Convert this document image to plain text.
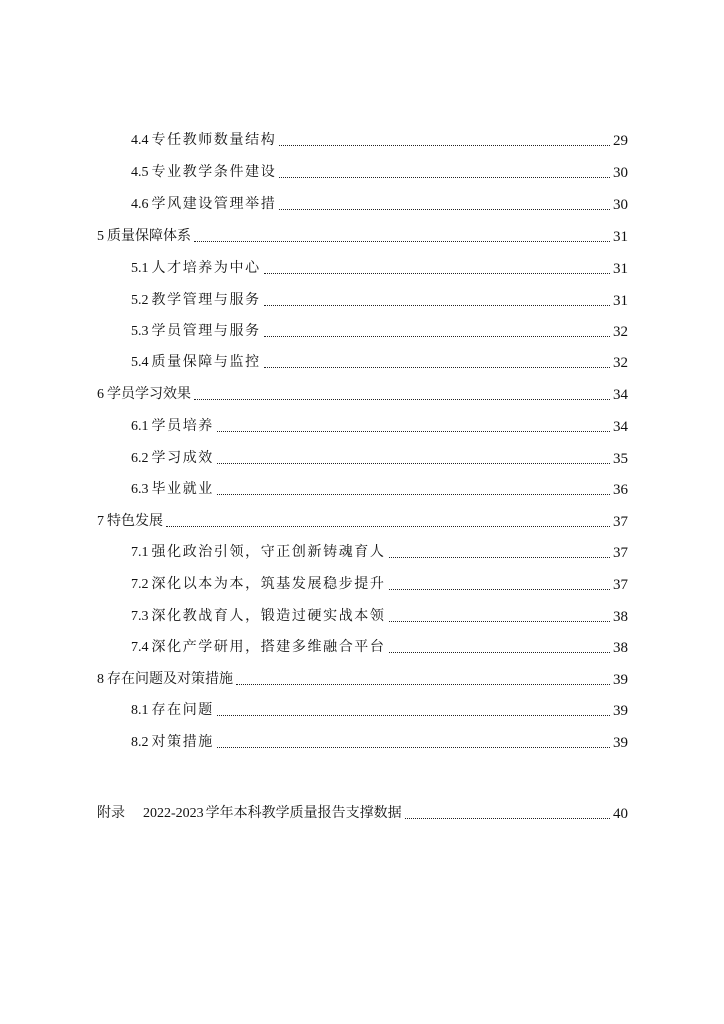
4.4 专任教师数量结构	29
4.5 专业教学条件建设	30
4.6 学风建设管理举措	30
5 质量保障体系	31
5.1 人才培养为中心	31
5.2 教学管理与服务	31
5.3 学员管理与服务	32
5.4 质量保障与监控	32
6 学员学习效果	34
6.1 学员培养	34
6.2 学习成效	35
6.3 毕业就业	36
7 特色发展	37
7.1 强化政治引领，守正创新铸魂育人	37
7.2 深化以本为本，筑基发展稳步提升	37
7.3 深化教战育人，锻造过硬实战本领	38
7.4 深化产学研用，搭建多维融合平台	38
8 存在问题及对策措施	39
8.1 存在问题	39
8.2 对策措施	39
附录 2022-2023 学年本科教学质量报告支撑数据	40
